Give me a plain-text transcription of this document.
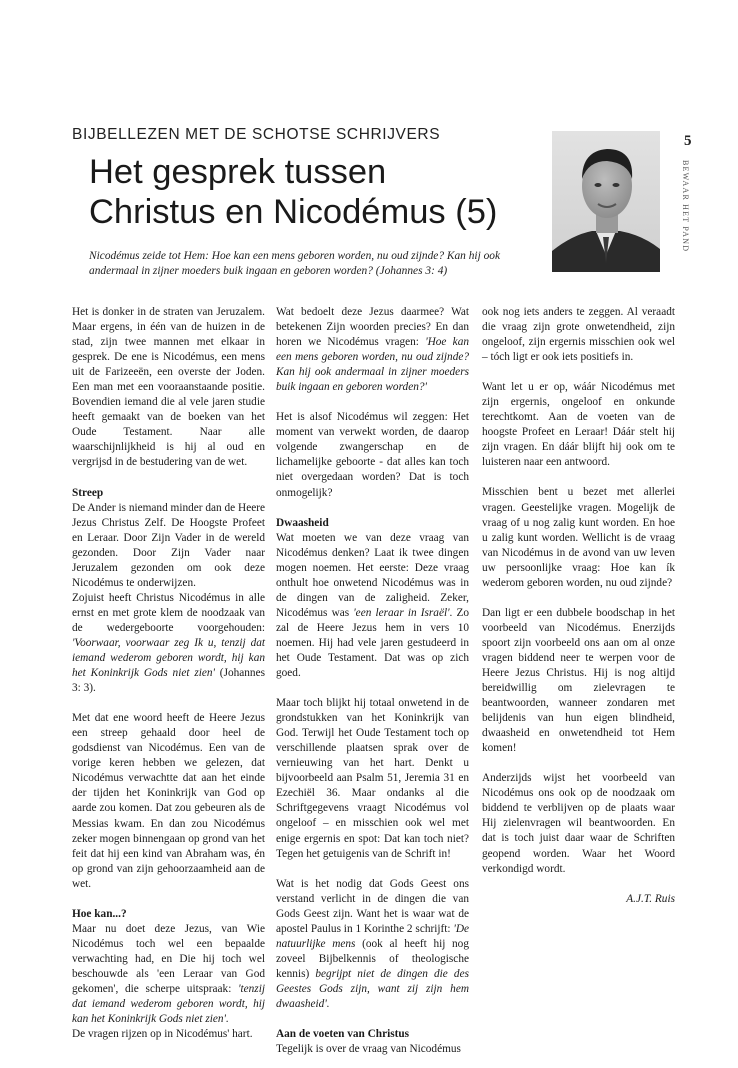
BIJBELLEZEN MET DE SCHOTSE SCHRIJVERS
Het gesprek tussen
Christus en Nicodémus (5)

Nicodémus zeide tot Hem: Hoe kan een mens geboren worden, nu oud zijnde? Kan hij ook andermaal in zijner moeders buik ingaan en geboren worden? (Johannes 3: 4)

5
BEWAAR HET PAND

Het is donker in de straten van Jeruzalem. Maar ergens, in één van de huizen in de stad, zijn twee mannen met elkaar in gesprek. De ene is Nicodémus, een mens uit de Farizeeën, een overste der Joden. Een man met een vooraanstaande positie. Bovendien iemand die al vele jaren studie heeft gemaakt van de boeken van het Oude Testament. Naar alle waarschijnlijkheid is hij al oud en vergrijsd in de bestudering van de wet.

Streep

De Ander is niemand minder dan de Heere Jezus Christus Zelf. De Hoogste Profeet en Leraar. Door Zijn Vader in de wereld gezonden. Door Zijn Vader naar Jeruzalem gezonden om ook deze Nicodémus te onderwijzen.

Zojuist heeft Christus Nicodémus in alle ernst en met grote klem de noodzaak van de wedergeboorte voorgehouden: 'Voorwaar, voorwaar zeg Ik u, tenzij dat iemand wederom geboren wordt, hij kan het Koninkrijk Gods niet zien' (Johannes 3: 3).

Met dat ene woord heeft de Heere Jezus een streep gehaald door heel de godsdienst van Nicodémus. Een van de vorige keren hebben we gelezen, dat Nicodémus verwachtte dat aan het einde der tijden het Koninkrijk van God op aarde zou komen. Dat zou gebeuren als de Messias kwam. En dan zou Nicodémus zeker mogen binnengaan op grond van het feit dat hij een kind van Abraham was, én op grond van zijn gehoorzaamheid aan de wet.

Hoe kan...?

Maar nu doet deze Jezus, van Wie Nicodémus toch wel een bepaalde verwachting had, en Die hij toch wel beschouwde als 'een Leraar van God gekomen', die scherpe uitspraak: 'tenzij dat iemand wederom geboren wordt, hij kan het Koninkrijk Gods niet zien'.

De vragen rijzen op in Nicodémus' hart.

Wat bedoelt deze Jezus daarmee? Wat betekenen Zijn woorden precies? En dan horen we Nicodémus vragen: 'Hoe kan een mens geboren worden, nu oud zijnde? Kan hij ook andermaal in zijner moeders buik ingaan en geboren worden?'

Het is alsof Nicodémus wil zeggen: Het moment van verwekt worden, de daarop volgende zwangerschap en de lichamelijke geboorte - dat alles kan toch niet overgedaan worden? Dat is toch onmogelijk?

Dwaasheid

Wat moeten we van deze vraag van Nicodémus denken? Laat ik twee dingen mogen noemen. Het eerste: Deze vraag onthult hoe onwetend Nicodémus was in de dingen van de zaligheid. Zeker, Nicodémus was 'een leraar in Israël'. Zo zal de Heere Jezus hem in vers 10 noemen. Hij had vele jaren gestudeerd in het Oude Testament. Dat was op zich goed.

Maar toch blijkt hij totaal onwetend in de grondstukken van het Koninkrijk van God. Terwijl het Oude Testament toch op verschillende plaatsen sprak over de vernieuwing van het hart. Denkt u bijvoorbeeld aan Psalm 51, Jeremia 31 en Ezechiël 36. Maar ondanks al die Schriftgegevens vraagt Nicodémus vol ongeloof – en misschien ook wel met enige ergernis en spot: Dat kan toch niet? Tegen het getuigenis van de Schrift in!

Wat is het nodig dat Gods Geest ons verstand verlicht in de dingen die van Gods Geest zijn. Want het is waar wat de apostel Paulus in 1 Korinthe 2 schrijft: 'De natuurlijke mens (ook al heeft hij nog zoveel Bijbelkennis of theologische kennis) begrijpt niet de dingen die des Geestes Gods zijn, want zij zijn hem dwaasheid'.

Aan de voeten van Christus

Tegelijk is over de vraag van Nicodémus

ook nog iets anders te zeggen. Al veraadt die vraag zijn grote onwetendheid, zijn ongeloof, zijn ergernis misschien ook wel – tóch ligt er ook iets positiefs in.

Want let u er op, wáár Nicodémus met zijn ergernis, ongeloof en onkunde terechtkomt. Aan de voeten van de hoogste Profeet en Leraar! Dáár stelt hij zijn vragen. En dáár blijft hij ook om te luisteren naar een antwoord.

Misschien bent u bezet met allerlei vragen. Geestelijke vragen. Mogelijk de vraag of u nog zalig kunt worden. En hoe u zalig kunt worden. Wellicht is de vraag van Nicodémus in de avond van uw leven uw persoonlijke vraag: Hoe kan ík wederom geboren worden, nu oud zijnde?

Dan ligt er een dubbele boodschap in het voorbeeld van Nicodémus. Enerzijds spoort zijn voorbeeld ons aan om al onze vragen biddend neer te werpen voor de Heere Jezus Christus. Hij is nog altijd bereidwillig om zielevragen te beantwoorden, wanneer zondaren met belijdenis van hun eigen blindheid, dwaasheid en onwetendheid tot Hem komen!

Anderzijds wijst het voorbeeld van Nicodémus ons ook op de noodzaak om biddend te verblijven op de plaats waar Hij zielenvragen wil beantwoorden. En dat is toch juist daar waar de Schriften geopend worden. Waar het Woord verkondigd wordt.

A.J.T. Ruis
